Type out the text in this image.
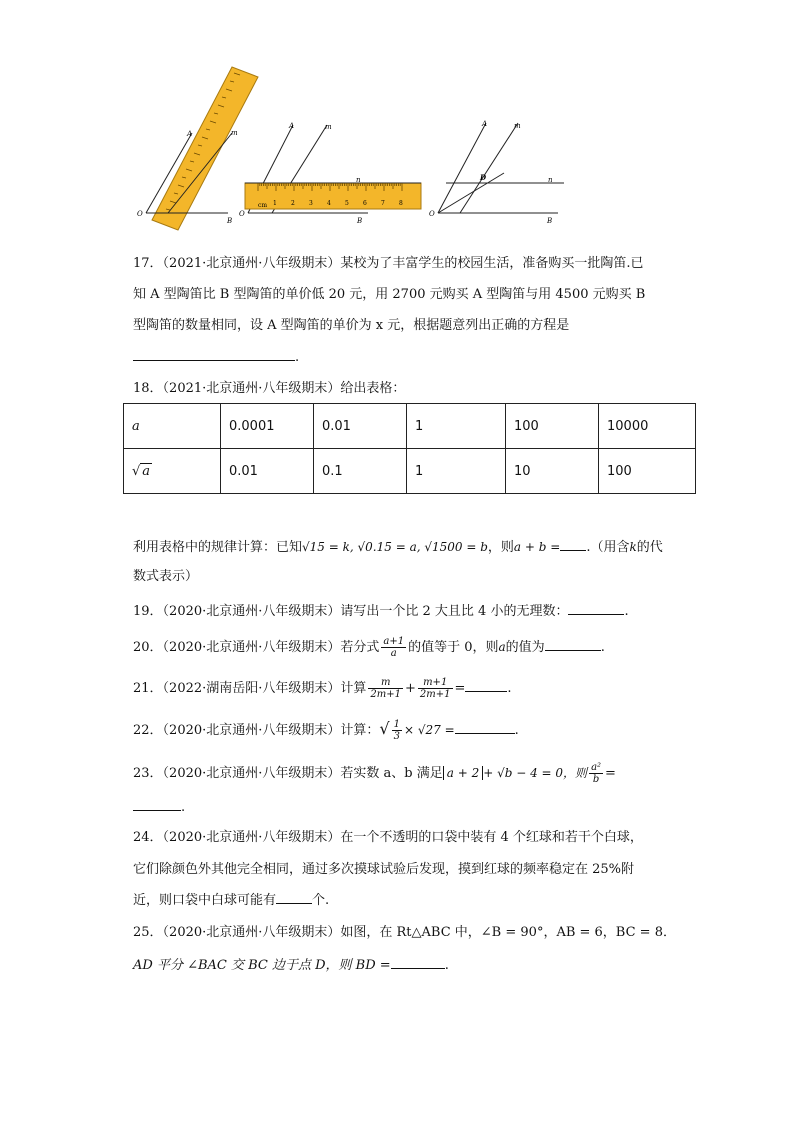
A	m
O
B
cm 1 2 3 4 5 6 7 8
A	m
n
O
B
A	m
D	n
O
B
17．（2021·北京通州·八年级期末）某校为了丰富学生的校园生活，准备购买一批陶笛.已
知 A 型陶笛比 B 型陶笛的单价低 20 元，用 2700 元购买 A 型陶笛与用 4500 元购买 B
型陶笛的数量相同，设 A 型陶笛的单价为 x 元，根据题意列出正确的方程是
.
18．（2021·北京通州·八年级期末）给出表格：
a	0.0001	0.01	1	100	10000
√ a	0.01	0.1	1	10	100
利用表格中的规律计算：已知√15 = k, √0.15 = a, √1500 = b，则a + b = .（用含k的代
数式表示）
19．（2020·北京通州·八年级期末）请写出一个比 2 大且比 4 小的无理数：	.
20．（2020·北京通州·八年级期末）若分式 $\frac{a+1}{a}$ 的值等于 0，则a的值为	.
21．（2022·湖南岳阳·八年级期末）计算 $\frac{m}{2m+1} + \frac{m+1}{2m+1}$ =	.
22．（2020·北京通州·八年级期末）计算：√ $\frac{1}{3} \times √27$ =	.
23．（2020·北京通州·八年级期末）若实数 a、b 满足 a + 2 + √b − 4 = 0，则 $\frac{\text{a²}}{b}$ =
.
24．（2020·北京通州·八年级期末）在一个不透明的口袋中装有 4 个红球和若干个白球，
它们除颜色外其他完全相同，通过多次摸球试验后发现，摸到红球的频率稳定在 25%附
近，则口袋中白球可能有	个.
25．（2020·北京通州·八年级期末）如图，在 Rt△ABC 中，∠B = 90°，AB = 6，BC = 8．
AD 平分 ∠BAC 交 BC 边于点 D，则 BD =	.
